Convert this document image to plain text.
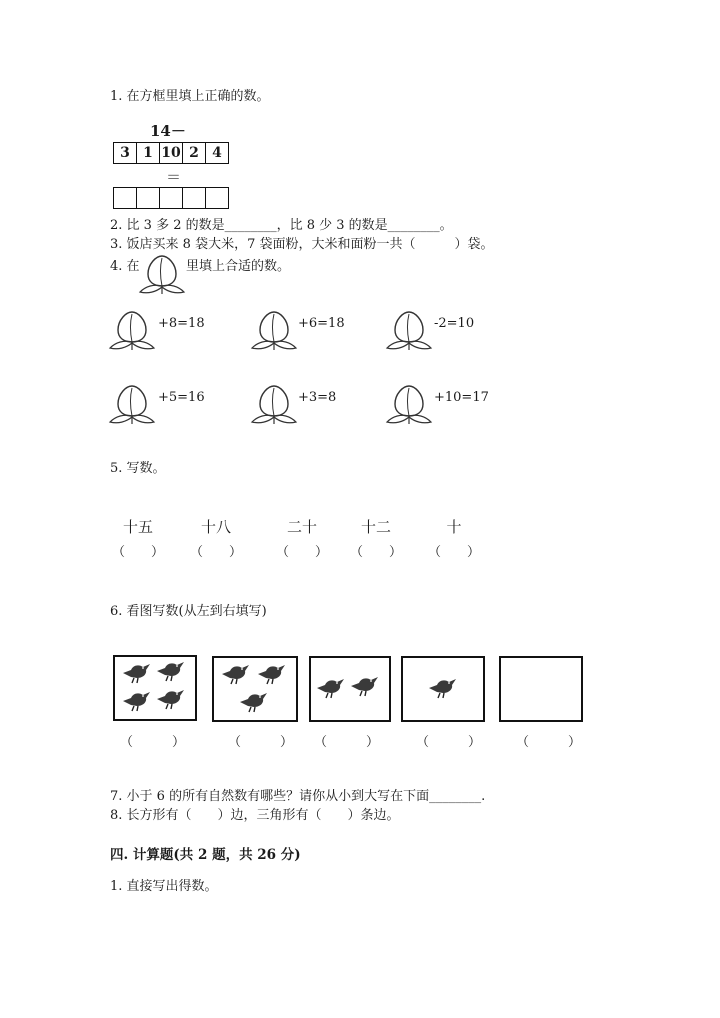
1. 在方框里填上正确的数。
14－
3	1	10	2	4
＝

2. 比 3 多 2 的数是________，比 8 少 3 的数是________。
3. 饭店买来 8 袋大米，7 袋面粉，大米和面粉一共（　　　）袋。
4. 在	里填上合适的数。
+8=18	+6=18	-2=10
+5=16	+3=8	+10=17
5. 写数。
十五	十八	二十	十二	十
（　　）	（　　）	（　　）	（　　）	（　　）
6. 看图写数(从左到右填写)
（　　　）	（　　　） （　　　）	（　　　）	（　　　）
7. 小于 6 的所有自然数有哪些？请你从小到大写在下面________.
8. 长方形有（　　）边，三角形有（　　）条边。
四. 计算题(共 2 题，共 26 分)
1. 直接写出得数。
